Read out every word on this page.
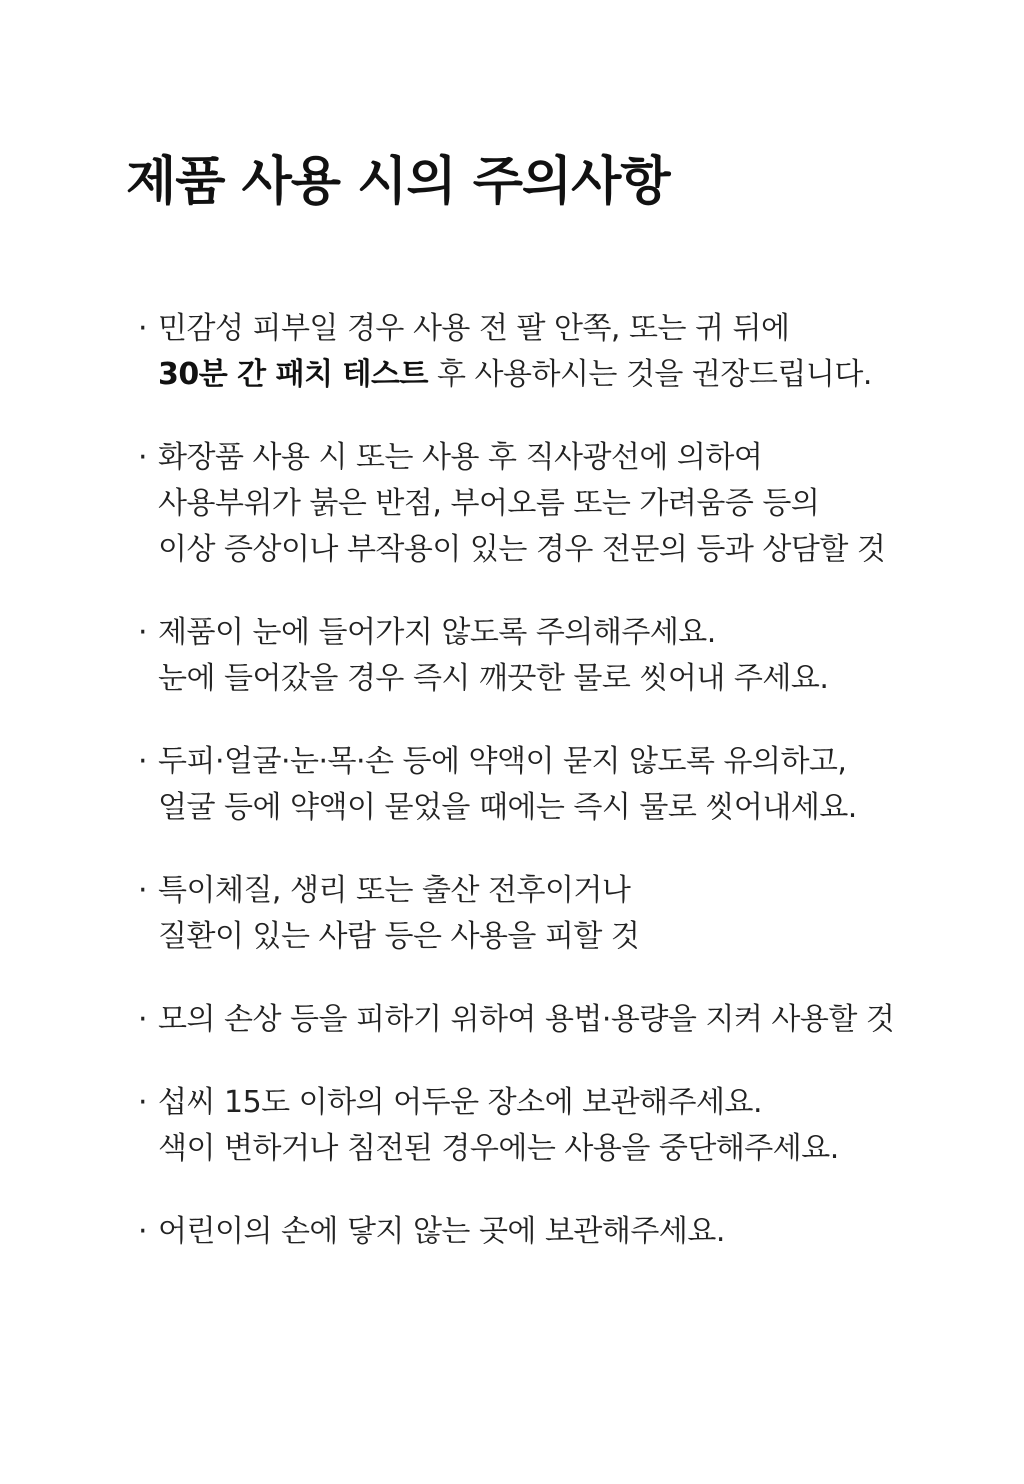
제품 사용 시의 주의사항
· 민감성 피부일 경우 사용 전 팔 안쪽, 또는 귀 뒤에
30분 간 패치 테스트 후 사용하시는 것을 권장드립니다.
· 화장품 사용 시 또는 사용 후 직사광선에 의하여
사용부위가 붉은 반점, 부어오름 또는 가려움증 등의
이상 증상이나 부작용이 있는 경우 전문의 등과 상담할 것
· 제품이 눈에 들어가지 않도록 주의해주세요.
눈에 들어갔을 경우 즉시 깨끗한 물로 씻어내 주세요.
· 두피·얼굴·눈·목·손 등에 약액이 묻지 않도록 유의하고,
얼굴 등에 약액이 묻었을 때에는 즉시 물로 씻어내세요.
· 특이체질, 생리 또는 출산 전후이거나
질환이 있는 사람 등은 사용을 피할 것
· 모의 손상 등을 피하기 위하여 용법·용량을 지켜 사용할 것
· 섭씨 15도 이하의 어두운 장소에 보관해주세요.
색이 변하거나 침전된 경우에는 사용을 중단해주세요.
· 어린이의 손에 닿지 않는 곳에 보관해주세요.
